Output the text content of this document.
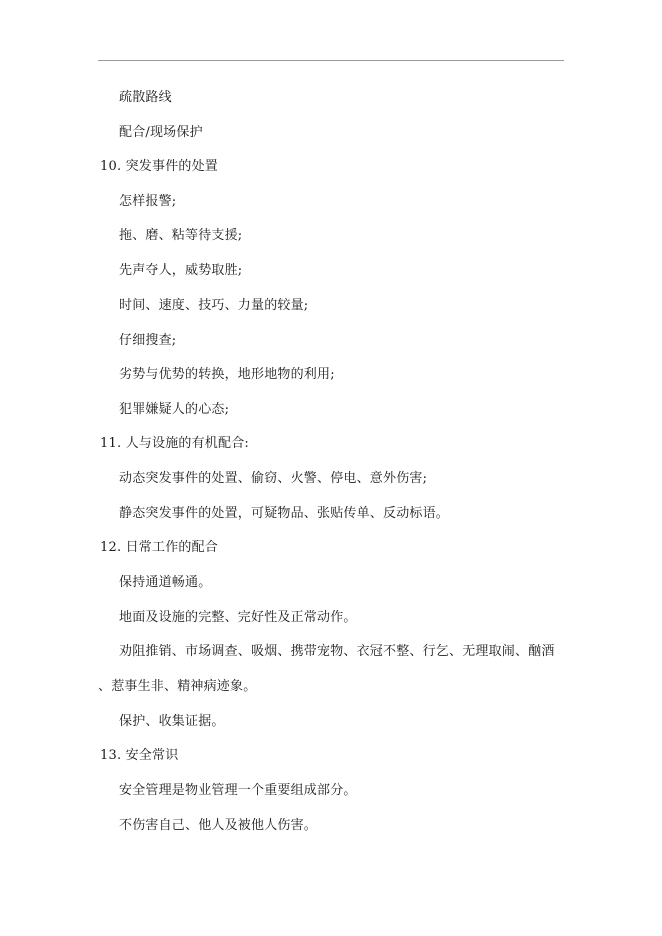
疏散路线
配合/现场保护
10. 突发事件的处置
怎样报警;
拖、磨、粘等待支援;
先声夺人，威势取胜;
时间、速度、技巧、力量的较量;
仔细搜查;
劣势与优势的转换，地形地物的利用;
犯罪嫌疑人的心态;
11. 人与设施的有机配合:
动态突发事件的处置、偷窃、火警、停电、意外伤害;
静态突发事件的处置，可疑物品、张贴传单、反动标语。
12. 日常工作的配合
保持通道畅通。
地面及设施的完整、完好性及正常动作。
劝阻推销、市场调查、吸烟、携带宠物、衣冠不整、行乞、无理取闹、酗酒
、惹事生非、精神病迹象。
保护、收集证据。
13. 安全常识
安全管理是物业管理一个重要组成部分。
不伤害自己、他人及被他人伤害。
